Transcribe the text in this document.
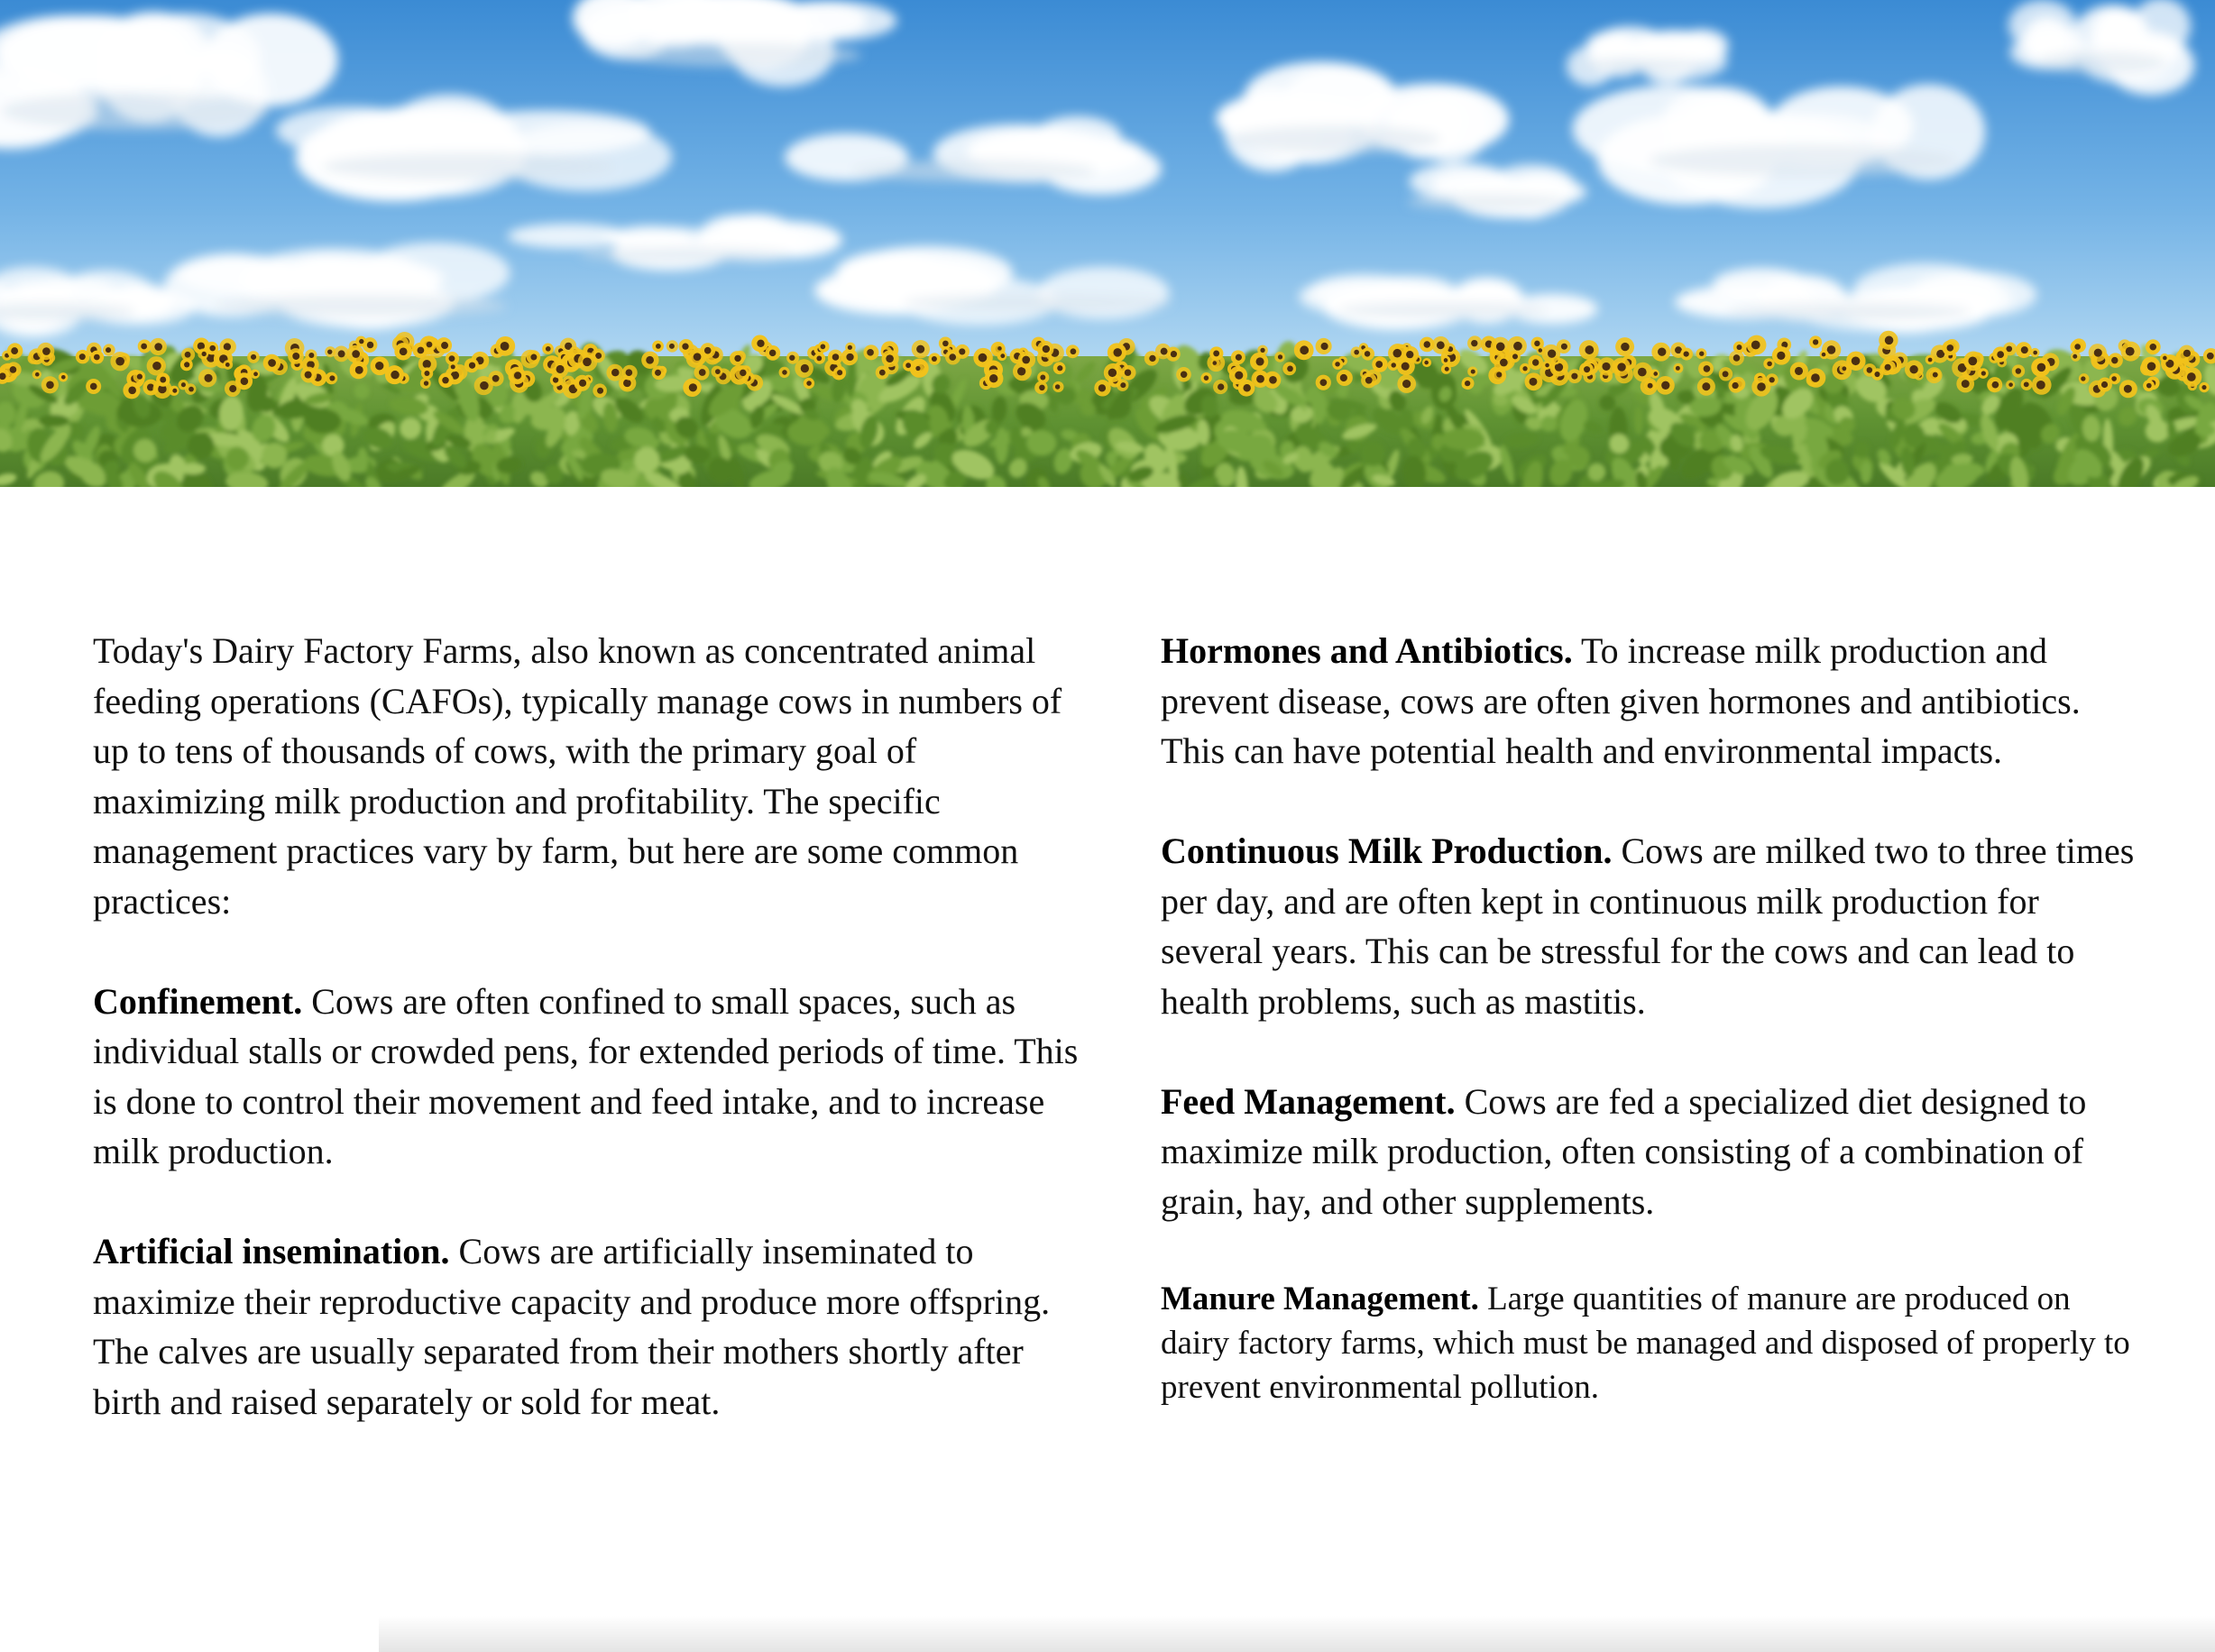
Today's Dairy Factory Farms, also known as concentrated animal feeding operations (CAFOs), typically manage cows in numbers of up to tens of thousands of cows, with the primary goal of maximizing milk production and profitability. The specific management practices vary by farm, but here are some common practices:

Confinement. Cows are often confined to small spaces, such as individual stalls or crowded pens, for extended periods of time. This is done to control their movement and feed intake, and to increase milk production.

Artificial insemination. Cows are artificially inseminated to maximize their reproductive capacity and produce more offspring. The calves are usually separated from their mothers shortly after birth and raised separately or sold for meat.

Hormones and Antibiotics. To increase milk production and prevent disease, cows are often given hormones and antibiotics. This can have potential health and environmental impacts.

Continuous Milk Production. Cows are milked two to three times per day, and are often kept in continuous milk production for several years. This can be stressful for the cows and can lead to health problems, such as mastitis.

Feed Management. Cows are fed a specialized diet designed to maximize milk production, often consisting of a combination of grain, hay, and other supplements.

Manure Management. Large quantities of manure are produced on dairy factory farms, which must be managed and disposed of properly to prevent environmental pollution.
